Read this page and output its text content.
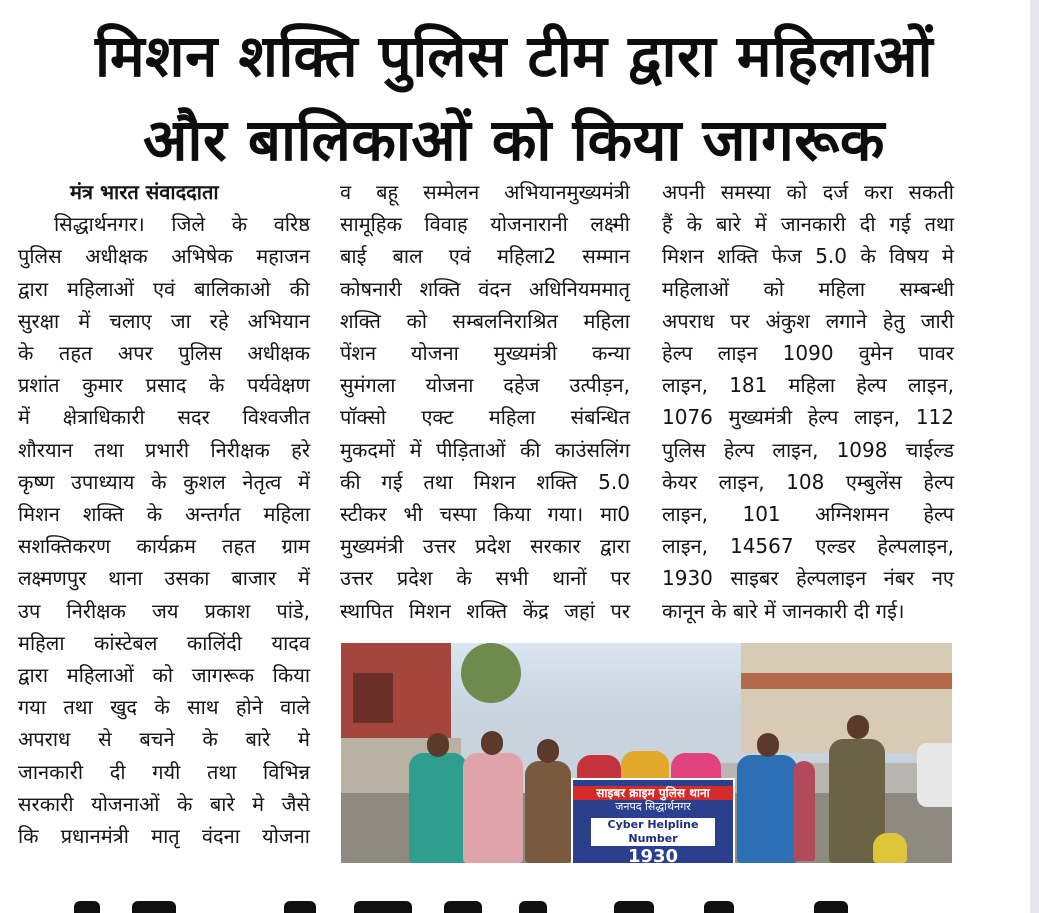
मिशन शक्ति पुलिस टीम द्वारा महिलाओं
और बालिकाओं को किया जागरूक
मंत्र भारत संवाददाता

सिद्धार्थनगर। जिले के वरिष्ठ

पुलिस अधीक्षक अभिषेक महाजन

द्वारा महिलाओं एवं बालिकाओ की

सुरक्षा में चलाए जा रहे अभियान

के तहत अपर पुलिस अधीक्षक

प्रशांत कुमार प्रसाद के पर्यवेक्षण

में क्षेत्राधिकारी सदर विश्वजीत

शौरयान तथा प्रभारी निरीक्षक हरे

कृष्ण उपाध्याय के कुशल नेतृत्व में

मिशन शक्ति के अन्तर्गत महिला

सशक्तिकरण कार्यक्रम तहत ग्राम

लक्ष्मणपुर थाना उसका बाजार में

उप निरीक्षक जय प्रकाश पांडे,

महिला कांस्टेबल कालिंदी यादव

द्वारा महिलाओं को जागरूक किया

गया तथा खुद के साथ होने वाले

अपराध से बचने के बारे मे

जानकारी दी गयी तथा विभिन्न

सरकारी योजनाओं के बारे मे जैसे

कि प्रधानमंत्री मातृ वंदना योजना

व बहू सम्मेलन अभियानमुख्यमंत्री

सामूहिक विवाह योजनारानी लक्ष्मी

बाई बाल एवं महिला2 सम्मान

कोषनारी शक्ति वंदन अधिनियममातृ

शक्ति को सम्बलनिराश्रित महिला

पेंशन योजना मुख्यमंत्री कन्या

सुमंगला योजना दहेज उत्पीड़न,

पॉक्सो एक्ट महिला संबन्धित

मुकदमों में पीड़िताओं की काउंसलिंग

की गई तथा मिशन शक्ति 5.0

स्टीकर भी चस्पा किया गया। मा0

मुख्यमंत्री उत्तर प्रदेश सरकार द्वारा

उत्तर प्रदेश के सभी थानों पर

स्थापित मिशन शक्ति केंद्र जहां पर

अपनी समस्या को दर्ज करा सकती

हैं के बारे में जानकारी दी गई तथा

मिशन शक्ति फेज 5.0 के विषय मे

महिलाओं को महिला सम्बन्धी

अपराध पर अंकुश लगाने हेतु जारी

हेल्प लाइन 1090 वुमेन पावर

लाइन, 181 महिला हेल्प लाइन,

1076 मुख्यमंत्री हेल्प लाइन, 112

पुलिस हेल्प लाइन, 1098 चाईल्ड

केयर लाइन, 108 एम्बुलेंस हेल्प

लाइन, 101 अग्निशमन हेल्प

लाइन, 14567 एल्डर हेल्पलाइन,

1930 साइबर हेल्पलाइन नंबर नए

कानून के बारे में जानकारी दी गई।

साइबर क्राइम पुलिस थाना
जनपद सिद्धार्थनगर
Cyber Helpline Number
1930
